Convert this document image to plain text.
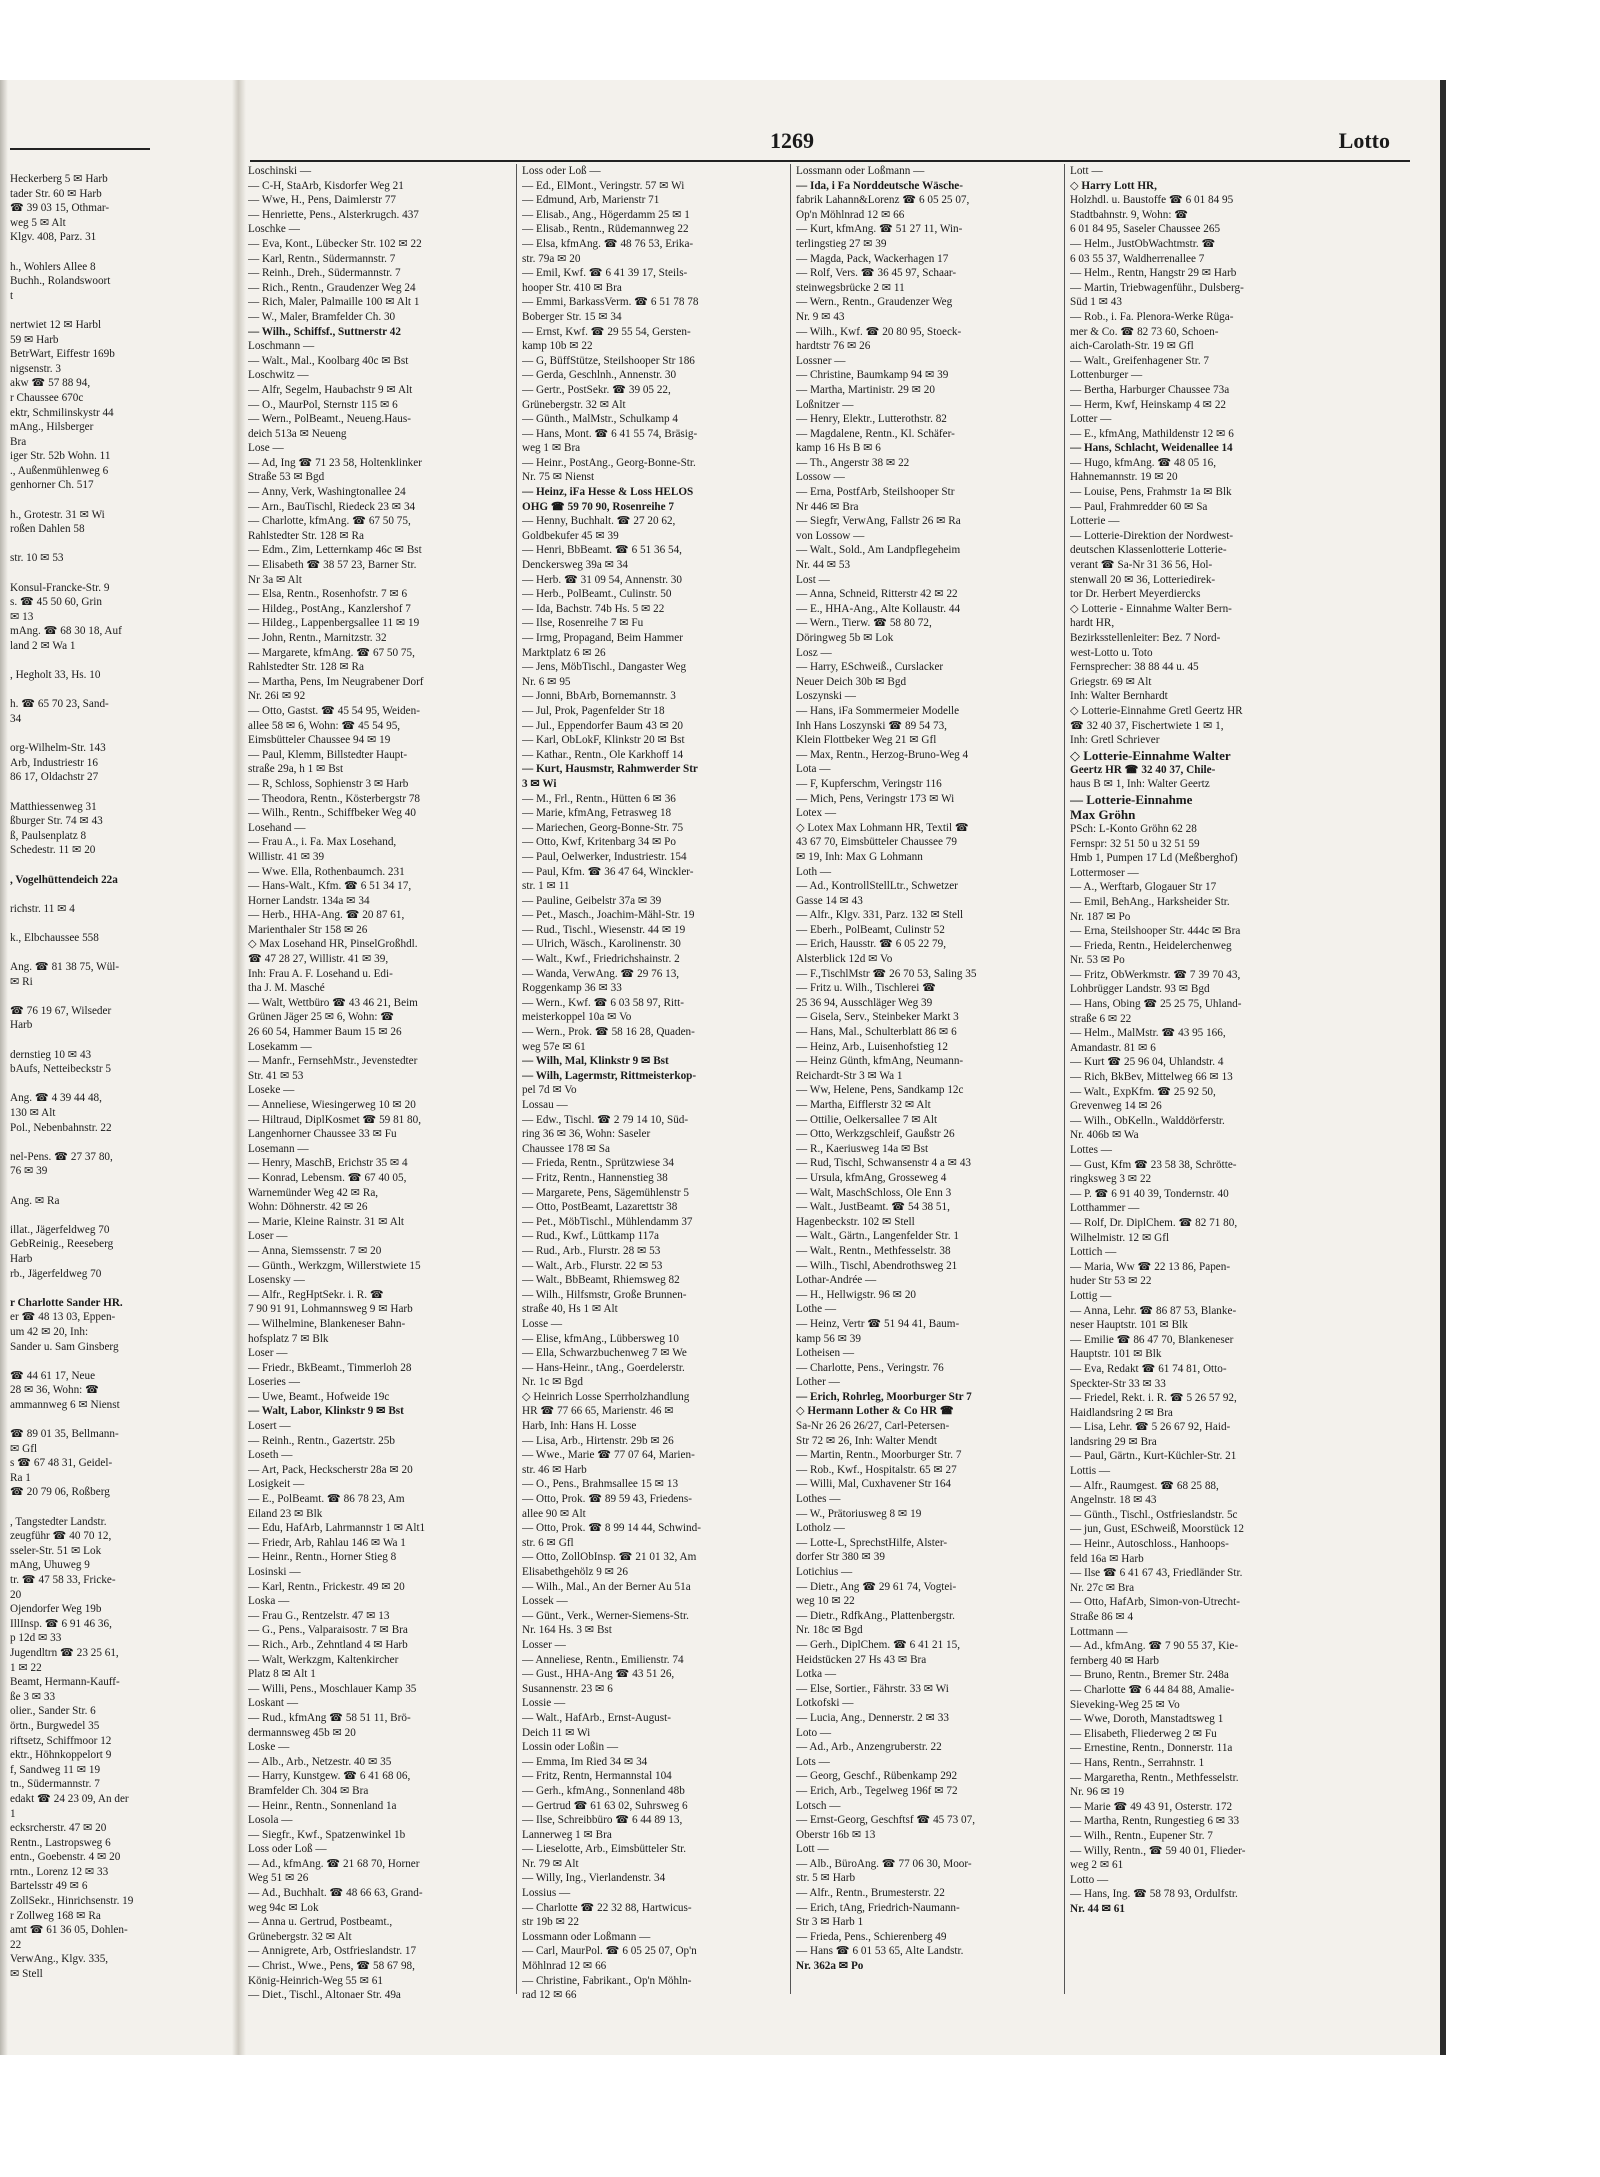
1269	Lotto
Heckerberg 5 ✉ Harb
tader Str. 60 ✉ Harb
☎ 39 03 15, Othmar-
weg 5 ✉ Alt
Klgv. 408, Parz. 31

h., Wohlers Allee 8
Buchh., Rolandswoort
t

nertwiet 12 ✉ Harbl
59 ✉ Harb
BetrWart, Eiffestr 169b
nigsenstr. 3
akw ☎ 57 88 94,
r Chaussee 670c
ektr, Schmilinskystr 44
mAng., Hilsberger
Bra
iger Str. 52b Wohn. 11
., Außenmühlenweg 6
genhorner Ch. 517

h., Grotestr. 31 ✉ Wi
roßen Dahlen 58

str. 10 ✉ 53

Konsul-Francke-Str. 9
s. ☎ 45 50 60, Grin
✉ 13
mAng. ☎ 68 30 18, Auf
land 2 ✉ Wa 1

, Hegholt 33, Hs. 10

h. ☎ 65 70 23, Sand-
34

org-Wilhelm-Str. 143
Arb, Industriestr 16
86 17, Oldachstr 27

Matthiessenweg 31
ßburger Str. 74 ✉ 43
ß, Paulsenplatz 8
Schedestr. 11 ✉ 20

, Vogelhüttendeich 22a

richstr. 11 ✉ 4

k., Elbchaussee 558

Ang. ☎ 81 38 75, Wül-
✉ Ri

☎ 76 19 67, Wilseder
Harb

dernstieg 10 ✉ 43
bAufs, Netteibeckstr 5

Ang. ☎ 4 39 44 48,
130 ✉ Alt
Pol., Nebenbahnstr. 22

nel-Pens. ☎ 27 37 80,
76 ✉ 39

Ang. ✉ Ra

illat., Jägerfeldweg 70
GebReinig., Reeseberg
Harb
rb., Jägerfeldweg 70

r Charlotte Sander HR.
er ☎ 48 13 03, Eppen-
um 42 ✉ 20, Inh:
Sander u. Sam Ginsberg

☎ 44 61 17, Neue
28 ✉ 36, Wohn: ☎
ammannweg 6 ✉ Nienst

☎ 89 01 35, Bellmann-
✉ Gfl
s ☎ 67 48 31, Geidel-
Ra 1
☎ 20 79 06, Roßberg

, Tangstedter Landstr.
zeugführ ☎ 40 70 12,
sseler-Str. 51 ✉ Lok
mAng, Uhuweg 9
tr. ☎ 47 58 33, Fricke-
20
Ojendorfer Weg 19b
IllInsp. ☎ 6 91 46 36,
p 12d ✉ 33
Jugendltrn ☎ 23 25 61,
1 ✉ 22
Beamt, Hermann-Kauff-
ße 3 ✉ 33
olier., Sander Str. 6
örtn., Burgwedel 35
riftsetz, Schiffmoor 12
ektr., Höhnkoppelort 9
f, Sandweg 11 ✉ 19
tn., Südermannstr. 7
edakt ☎ 24 23 09, An der
1
ecksrcherstr. 47 ✉ 20
Rentn., Lastropsweg 6
entn., Goebenstr. 4 ✉ 20
rntn., Lorenz 12 ✉ 33
Bartelsstr 49 ✉ 6
ZollSekr., Hinrichsenstr. 19
r Zollweg 168 ✉ Ra
amt ☎ 61 36 05, Dohlen-
22
VerwAng., Klgv. 335,
✉ Stell
Loschinski —
— C-H, StaArb, Kisdorfer Weg 21
— Wwe, H., Pens, Daimlerstr 77
— Henriette, Pens., Alsterkrugch. 437
Loschke —
— Eva, Kont., Lübecker Str. 102 ✉ 22
— Karl, Rentn., Südermannstr. 7
— Reinh., Dreh., Südermannstr. 7
— Rich., Rentn., Graudenzer Weg 24
— Rich, Maler, Palmaille 100 ✉ Alt 1
— W., Maler, Bramfelder Ch. 30
— Wilh., Schiffsf., Suttnerstr 42
Loschmann —
— Walt., Mal., Koolbarg 40c ✉ Bst
Loschwitz —
— Alfr, Segelm, Haubachstr 9 ✉ Alt
— O., MaurPol, Sternstr 115 ✉ 6
— Wern., PolBeamt., Neueng.Haus-
deich 513a ✉ Neueng
Lose —
— Ad, Ing ☎ 71 23 58, Holtenklinker
Straße 53 ✉ Bgd
— Anny, Verk, Washingtonallee 24
— Arn., BauTischl, Riedeck 23 ✉ 34
— Charlotte, kfmAng. ☎ 67 50 75,
Rahlstedter Str. 128 ✉ Ra
— Edm., Zim, Letternkamp 46c ✉ Bst
— Elisabeth ☎ 38 57 23, Barner Str.
Nr 3a ✉ Alt
— Elsa, Rentn., Rosenhofstr. 7 ✉ 6
— Hildeg., PostAng., Kanzlershof 7
— Hildeg., Lappenbergsallee 11 ✉ 19
— John, Rentn., Marnitzstr. 32
— Margarete, kfmAng. ☎ 67 50 75,
Rahlstedter Str. 128 ✉ Ra
— Martha, Pens, Im Neugrabener Dorf
Nr. 26i ✉ 92
— Otto, Gastst. ☎ 45 54 95, Weiden-
allee 58 ✉ 6, Wohn: ☎ 45 54 95,
Eimsbütteler Chaussee 94 ✉ 19
— Paul, Klemm, Billstedter Haupt-
straße 29a, h 1 ✉ Bst
— R, Schloss, Sophienstr 3 ✉ Harb
— Theodora, Rentn., Kösterbergstr 78
— Wilh., Rentn., Schiffbeker Weg 40
Losehand —
— Frau A., i. Fa. Max Losehand,
Willistr. 41 ✉ 39
— Wwe. Ella, Rothenbaumch. 231
— Hans-Walt., Kfm. ☎ 6 51 34 17,
Horner Landstr. 134a ✉ 34
— Herb., HHA-Ang. ☎ 20 87 61,
Marienthaler Str 158 ✉ 26
◇ Max Losehand HR, PinselGroßhdl.
☎ 47 28 27, Willistr. 41 ✉ 39,
Inh: Frau A. F. Losehand u. Edi-
tha J. M. Masché
— Walt, Wettbüro ☎ 43 46 21, Beim
Grünen Jäger 25 ✉ 6, Wohn: ☎
26 60 54, Hammer Baum 15 ✉ 26
Losekamm —
— Manfr., FernsehMstr., Jevenstedter
Str. 41 ✉ 53
Loseke —
— Anneliese, Wiesingerweg 10 ✉ 20
— Hiltraud, DiplKosmet ☎ 59 81 80,
Langenhorner Chaussee 33 ✉ Fu
Losemann —
— Henry, MaschB, Erichstr 35 ✉ 4
— Konrad, Lebensm. ☎ 67 40 05,
Warnemünder Weg 42 ✉ Ra,
Wohn: Döhnerstr. 42 ✉ 26
— Marie, Kleine Rainstr. 31 ✉ Alt
Loser —
— Anna, Siemssenstr. 7 ✉ 20
— Günth., Werkzgm, Willerstwiete 15
Losensky —
— Alfr., RegHptSekr. i. R. ☎
7 90 91 91, Lohmannsweg 9 ✉ Harb
— Wilhelmine, Blankeneser Bahn-
hofsplatz 7 ✉ Blk
Loser —
— Friedr., BkBeamt., Timmerloh 28
Loseries —
— Uwe, Beamt., Hofweide 19c
— Walt, Labor, Klinkstr 9 ✉ Bst
Losert —
— Reinh., Rentn., Gazertstr. 25b
Loseth —
— Art, Pack, Heckscherstr 28a ✉ 20
Losigkeit —
— E., PolBeamt. ☎ 86 78 23, Am
Eiland 23 ✉ Blk
— Edu, HafArb, Lahrmannstr 1 ✉ Alt1
— Friedr, Arb, Rahlau 146 ✉ Wa 1
— Heinr., Rentn., Horner Stieg 8
Losinski —
— Karl, Rentn., Frickestr. 49 ✉ 20
Loska —
— Frau G., Rentzelstr. 47 ✉ 13
— G., Pens., Valparaisostr. 7 ✉ Bra
— Rich., Arb., Zehntland 4 ✉ Harb
— Walt, Werkzgm, Kaltenkircher
Platz 8 ✉ Alt 1
— Willi, Pens., Moschlauer Kamp 35
Loskant —
— Rud., kfmAng ☎ 58 51 11, Brö-
dermannsweg 45b ✉ 20
Loske —
— Alb., Arb., Netzestr. 40 ✉ 35
— Harry, Kunstgew. ☎ 6 41 68 06,
Bramfelder Ch. 304 ✉ Bra
— Heinr., Rentn., Sonnenland 1a
Losola —
— Siegfr., Kwf., Spatzenwinkel 1b
Loss oder Loß —
— Ad., kfmAng. ☎ 21 68 70, Horner
Weg 51 ✉ 26
— Ad., Buchhalt. ☎ 48 66 63, Grand-
weg 94c ✉ Lok
— Anna u. Gertrud, Postbeamt.,
Grünebergstr. 32 ✉ Alt
— Annigrete, Arb, Ostfrieslandstr. 17
— Christ., Wwe., Pens, ☎ 58 67 98,
König-Heinrich-Weg 55 ✉ 61
— Diet., Tischl., Altonaer Str. 49a
Loss oder Loß —
— Ed., ElMont., Veringstr. 57 ✉ Wi
— Edmund, Arb, Marienstr 71
— Elisab., Ang., Högerdamm 25 ✉ 1
— Elisab., Rentn., Rüdemannweg 22
— Elsa, kfmAng. ☎ 48 76 53, Erika-
str. 79a ✉ 20
— Emil, Kwf. ☎ 6 41 39 17, Steils-
hooper Str. 410 ✉ Bra
— Emmi, BarkassVerm. ☎ 6 51 78 78
Boberger Str. 15 ✉ 34
— Ernst, Kwf. ☎ 29 55 54, Gersten-
kamp 10b ✉ 22
— G, BüffStütze, Steilshooper Str 186
— Gerda, Geschlnh., Annenstr. 30
— Gertr., PostSekr. ☎ 39 05 22,
Grünebergstr. 32 ✉ Alt
— Günth., MalMstr., Schulkamp 4
— Hans, Mont. ☎ 6 41 55 74, Bräsig-
weg 1 ✉ Bra
— Heinr., PostAng., Georg-Bonne-Str.
Nr. 75 ✉ Nienst
— Heinz, iFa Hesse & Loss HELOS
OHG ☎ 59 70 90, Rosenreihe 7
— Henny, Buchhalt. ☎ 27 20 62,
Goldbekufer 45 ✉ 39
— Henri, BbBeamt. ☎ 6 51 36 54,
Denckersweg 39a ✉ 34
— Herb. ☎ 31 09 54, Annenstr. 30
— Herb., PolBeamt., Culinstr. 50
— Ida, Bachstr. 74b Hs. 5 ✉ 22
— Ilse, Rosenreihe 7 ✉ Fu
— Irmg, Propagand, Beim Hammer
Marktplatz 6 ✉ 26
— Jens, MöbTischl., Dangaster Weg
Nr. 6 ✉ 95
— Jonni, BbArb, Bornemannstr. 3
— Jul, Prok, Pagenfelder Str 18
— Jul., Eppendorfer Baum 43 ✉ 20
— Karl, ObLokF, Klinkstr 20 ✉ Bst
— Kathar., Rentn., Ole Karkhoff 14
— Kurt, Hausmstr, Rahmwerder Str
3 ✉ Wi
— M., Frl., Rentn., Hütten 6 ✉ 36
— Marie, kfmAng, Fetrasweg 18
— Mariechen, Georg-Bonne-Str. 75
— Otto, Kwf, Kritenbarg 34 ✉ Po
— Paul, Oelwerker, Industriestr. 154
— Paul, Kfm. ☎ 36 47 64, Winckler-
str. 1 ✉ 11
— Pauline, Geibelstr 37a ✉ 39
— Pet., Masch., Joachim-Mähl-Str. 19
— Rud., Tischl., Wiesenstr. 44 ✉ 19
— Ulrich, Wäsch., Karolinenstr. 30
— Walt., Kwf., Friedrichshainstr. 2
— Wanda, VerwAng. ☎ 29 76 13,
Roggenkamp 36 ✉ 33
— Wern., Kwf. ☎ 6 03 58 97, Ritt-
meisterkoppel 10a ✉ Vo
— Wern., Prok. ☎ 58 16 28, Quaden-
weg 57e ✉ 61
— Wilh, Mal, Klinkstr 9 ✉ Bst
— Wilh, Lagermstr, Rittmeisterkop-
pel 7d ✉ Vo
Lossau —
— Edw., Tischl. ☎ 2 79 14 10, Süd-
ring 36 ✉ 36, Wohn: Saseler
Chaussee 178 ✉ Sa
— Frieda, Rentn., Sprützwiese 34
— Fritz, Rentn., Hannenstieg 38
— Margarete, Pens, Sägemühlenstr 5
— Otto, PostBeamt, Lazarettstr 38
— Pet., MöbTischl., Mühlendamm 37
— Rud., Kwf., Lüttkamp 117a
— Rud., Arb., Flurstr. 28 ✉ 53
— Walt., Arb., Flurstr. 22 ✉ 53
— Walt., BbBeamt, Rhiemsweg 82
— Wilh., Hilfsmstr, Große Brunnen-
straße 40, Hs 1 ✉ Alt
Losse —
— Elise, kfmAng., Lübbersweg 10
— Ella, Schwarzbuchenweg 7 ✉ We
— Hans-Heinr., tAng., Goerdelerstr.
Nr. 1c ✉ Bgd
◇ Heinrich Losse Sperrholzhandlung
HR ☎ 77 66 65, Marienstr. 46 ✉
Harb, Inh: Hans H. Losse
— Lisa, Arb., Hirtenstr. 29b ✉ 26
— Wwe., Marie ☎ 77 07 64, Marien-
str. 46 ✉ Harb
— O., Pens., Brahmsallee 15 ✉ 13
— Otto, Prok. ☎ 89 59 43, Friedens-
allee 90 ✉ Alt
— Otto, Prok. ☎ 8 99 14 44, Schwind-
str. 6 ✉ Gfl
— Otto, ZollObInsp. ☎ 21 01 32, Am
Elisabethgehölz 9 ✉ 26
— Wilh., Mal., An der Berner Au 51a
Lossek —
— Günt., Verk., Werner-Siemens-Str.
Nr. 164 Hs. 3 ✉ Bst
Losser —
— Anneliese, Rentn., Emilienstr. 74
— Gust., HHA-Ang ☎ 43 51 26,
Susannenstr. 23 ✉ 6
Lossie —
— Walt., HafArb., Ernst-August-
Deich 11 ✉ Wi
Lossin oder Loßin —
— Emma, Im Ried 34 ✉ 34
— Fritz, Rentn, Hermannstal 104
— Gerh., kfmAng., Sonnenland 48b
— Gertrud ☎ 61 63 02, Suhrsweg 6
— Ilse, Schreibbüro ☎ 6 44 89 13,
Lannerweg 1 ✉ Bra
— Lieselotte, Arb., Eimsbütteler Str.
Nr. 79 ✉ Alt
— Willy, Ing., Vierlandenstr. 34
Lossius —
— Charlotte ☎ 22 32 88, Hartwicus-
str 19b ✉ 22
Lossmann oder Loßmann —
— Carl, MaurPol. ☎ 6 05 25 07, Op'n
Möhlnrad 12 ✉ 66
— Christine, Fabrikant., Op'n Möhln-
rad 12 ✉ 66
Lossmann oder Loßmann —
— Ida, i Fa Norddeutsche Wäsche-
fabrik Lahann&Lorenz ☎ 6 05 25 07,
Op'n Möhlnrad 12 ✉ 66
— Kurt, kfmAng. ☎ 51 27 11, Win-
terlingstieg 27 ✉ 39
— Magda, Pack, Wackerhagen 17
— Rolf, Vers. ☎ 36 45 97, Schaar-
steinwegsbrücke 2 ✉ 11
— Wern., Rentn., Graudenzer Weg
Nr. 9 ✉ 43
— Wilh., Kwf. ☎ 20 80 95, Stoeck-
hardtstr 76 ✉ 26
Lossner —
— Christine, Baumkamp 94 ✉ 39
— Martha, Martinistr. 29 ✉ 20
Loßnitzer —
— Henry, Elektr., Lutterothstr. 82
— Magdalene, Rentn., Kl. Schäfer-
kamp 16 Hs B ✉ 6
— Th., Angerstr 38 ✉ 22
Lossow —
— Erna, PostfArb, Steilshooper Str
Nr 446 ✉ Bra
— Siegfr, VerwAng, Fallstr 26 ✉ Ra
von Lossow —
— Walt., Sold., Am Landpflegeheim
Nr. 44 ✉ 53
Lost —
— Anna, Schneid, Ritterstr 42 ✉ 22
— E., HHA-Ang., Alte Kollaustr. 44
— Wern., Tierw. ☎ 58 80 72,
Döringweg 5b ✉ Lok
Losz —
— Harry, ESchweiß., Curslacker
Neuer Deich 30b ✉ Bgd
Loszynski —
— Hans, iFa Sommermeier Modelle
Inh Hans Loszynski ☎ 89 54 73,
Klein Flottbeker Weg 21 ✉ Gfl
— Max, Rentn., Herzog-Bruno-Weg 4
Lota —
— F, Kupferschm, Veringstr 116
— Mich, Pens, Veringstr 173 ✉ Wi
Lotex —
◇ Lotex Max Lohmann HR, Textil ☎
43 67 70, Eimsbütteler Chaussee 79
✉ 19, Inh: Max G Lohmann
Loth —
— Ad., KontrollStellLtr., Schwetzer
Gasse 14 ✉ 43
— Alfr., Klgv. 331, Parz. 132 ✉ Stell
— Eberh., PolBeamt, Culinstr 52
— Erich, Hausstr. ☎ 6 05 22 79,
Alsterblick 12d ✉ Vo
— F.,TischlMstr ☎ 26 70 53, Saling 35
— Fritz u. Wilh., Tischlerei ☎
25 36 94, Ausschläger Weg 39
— Gisela, Serv., Steinbeker Markt 3
— Hans, Mal., Schulterblatt 86 ✉ 6
— Heinz, Arb., Luisenhofstieg 12
— Heinz Günth, kfmAng, Neumann-
Reichardt-Str 3 ✉ Wa 1
— Ww, Helene, Pens, Sandkamp 12c
— Martha, Eifflerstr 32 ✉ Alt
— Ottilie, Oelkersallee 7 ✉ Alt
— Otto, Werkzgschleif, Gaußstr 26
— R., Kaeriusweg 14a ✉ Bst
— Rud, Tischl, Schwansenstr 4 a ✉ 43
— Ursula, kfmAng, Grosseweg 4
— Walt, MaschSchloss, Ole Enn 3
— Walt., JustBeamt. ☎ 54 38 51,
Hagenbeckstr. 102 ✉ Stell
— Walt., Gärtn., Langenfelder Str. 1
— Walt., Rentn., Methfesselstr. 38
— Wilh., Tischl, Abendrothsweg 21
Lothar-Andrée —
— H., Hellwigstr. 96 ✉ 20
Lothe —
— Heinz, Vertr ☎ 51 94 41, Baum-
kamp 56 ✉ 39
Lotheisen —
— Charlotte, Pens., Veringstr. 76
Lother —
— Erich, Rohrleg, Moorburger Str 7
◇ Hermann Lother & Co HR ☎
Sa-Nr 26 26 26/27, Carl-Petersen-
Str 72 ✉ 26, Inh: Walter Mendt
— Martin, Rentn., Moorburger Str. 7
— Rob., Kwf., Hospitalstr. 65 ✉ 27
— Willi, Mal, Cuxhavener Str 164
Lothes —
— W., Prätoriusweg 8 ✉ 19
Lotholz —
— Lotte-L, SprechstHilfe, Alster-
dorfer Str 380 ✉ 39
Lotichius —
— Dietr., Ang ☎ 29 61 74, Vogtei-
weg 10 ✉ 22
— Dietr., RdfkAng., Plattenbergstr.
Nr. 18c ✉ Bgd
— Gerh., DiplChem. ☎ 6 41 21 15,
Heidstücken 27 Hs 43 ✉ Bra
Lotka —
— Else, Sortier., Fährstr. 33 ✉ Wi
Lotkofski —
— Lucia, Ang., Dennerstr. 2 ✉ 33
Loto —
— Ad., Arb., Anzengruberstr. 22
Lots —
— Georg, Geschf., Rübenkamp 292
— Erich, Arb., Tegelweg 196f ✉ 72
Lotsch —
— Ernst-Georg, Geschftsf ☎ 45 73 07,
Oberstr 16b ✉ 13
Lott —
— Alb., BüroAng. ☎ 77 06 30, Moor-
str. 5 ✉ Harb
— Alfr., Rentn., Brumesterstr. 22
— Erich, tAng, Friedrich-Naumann-
Str 3 ✉ Harb 1
— Frieda, Pens., Schierenberg 49
— Hans ☎ 6 01 53 65, Alte Landstr.
Nr. 362a ✉ Po
Lott —
◇ Harry Lott HR,
Holzhdl. u. Baustoffe ☎ 6 01 84 95
Stadtbahnstr. 9, Wohn: ☎
6 01 84 95, Saseler Chaussee 265
— Helm., JustObWachtmstr. ☎
6 03 55 37, Waldherrenallee 7
— Helm., Rentn, Hangstr 29 ✉ Harb
— Martin, Triebwagenführ., Dulsberg-
Süd 1 ✉ 43
— Rob., i. Fa. Plenora-Werke Rüga-
mer & Co. ☎ 82 73 60, Schoen-
aich-Carolath-Str. 19 ✉ Gfl
— Walt., Greifenhagener Str. 7
Lottenburger —
— Bertha, Harburger Chaussee 73a
— Herm, Kwf, Heinskamp 4 ✉ 22
Lotter —
— E., kfmAng, Mathildenstr 12 ✉ 6
— Hans, Schlacht, Weidenallee 14
— Hugo, kfmAng. ☎ 48 05 16,
Hahnemannstr. 19 ✉ 20
— Louise, Pens, Frahmstr 1a ✉ Blk
— Paul, Frahmredder 60 ✉ Sa
Lotterie —
— Lotterie-Direktion der Nordwest-
deutschen Klassenlotterie Lotterie-
verant ☎ Sa-Nr 31 36 56, Hol-
stenwall 20 ✉ 36, Lotteriedirek-
tor Dr. Herbert Meyerdiercks
◇ Lotterie - Einnahme Walter Bern-
hardt HR,
Bezirksstellenleiter: Bez. 7 Nord-
west-Lotto u. Toto
Fernsprecher: 38 88 44 u. 45
Griegstr. 69 ✉ Alt
Inh: Walter Bernhardt
◇ Lotterie-Einnahme Gretl Geertz HR
☎ 32 40 37, Fischertwiete 1 ✉ 1,
Inh: Gretl Schriever
◇ Lotterie-Einnahme Walter
Geertz HR ☎ 32 40 37, Chile-
haus B ✉ 1, Inh: Walter Geertz
— Lotterie-Einnahme
Max Gröhn
PSch: L-Konto Gröhn 62 28
Fernspr: 32 51 50 u 32 51 59
Hmb 1, Pumpen 17 Ld (Meßberghof)
Lottermoser —
— A., Werftarb, Glogauer Str 17
— Emil, BehAng., Harksheider Str.
Nr. 187 ✉ Po
— Erna, Steilshooper Str. 444c ✉ Bra
— Frieda, Rentn., Heidelerchenweg
Nr. 53 ✉ Po
— Fritz, ObWerkmstr. ☎ 7 39 70 43,
Lohbrügger Landstr. 93 ✉ Bgd
— Hans, Obing ☎ 25 25 75, Uhland-
straße 6 ✉ 22
— Helm., MalMstr. ☎ 43 95 166,
Amandastr. 81 ✉ 6
— Kurt ☎ 25 96 04, Uhlandstr. 4
— Rich, BkBev, Mittelweg 66 ✉ 13
— Walt., ExpKfm. ☎ 25 92 50,
Grevenweg 14 ✉ 26
— Wilh., ObKelln., Walddörferstr.
Nr. 406b ✉ Wa
Lottes —
— Gust, Kfm ☎ 23 58 38, Schrötte-
ringksweg 3 ✉ 22
— P. ☎ 6 91 40 39, Tondernstr. 40
Lotthammer —
— Rolf, Dr. DiplChem. ☎ 82 71 80,
Wilhelmistr. 12 ✉ Gfl
Lottich —
— Maria, Ww ☎ 22 13 86, Papen-
huder Str 53 ✉ 22
Lottig —
— Anna, Lehr. ☎ 86 87 53, Blanke-
neser Hauptstr. 101 ✉ Blk
— Emilie ☎ 86 47 70, Blankeneser
Hauptstr. 101 ✉ Blk
— Eva, Redakt ☎ 61 74 81, Otto-
Speckter-Str 33 ✉ 33
— Friedel, Rekt. i. R. ☎ 5 26 57 92,
Haidlandsring 2 ✉ Bra
— Lisa, Lehr. ☎ 5 26 67 92, Haid-
landsring 29 ✉ Bra
— Paul, Gärtn., Kurt-Küchler-Str. 21
Lottis —
— Alfr., Raumgest. ☎ 68 25 88,
Angelnstr. 18 ✉ 43
— Günth., Tischl., Ostfrieslandstr. 5c
— jun, Gust, ESchweiß, Moorstück 12
— Heinr., Autoschloss., Hanhoops-
feld 16a ✉ Harb
— Ilse ☎ 6 41 67 43, Friedländer Str.
Nr. 27c ✉ Bra
— Otto, HafArb, Simon-von-Utrecht-
Straße 86 ✉ 4
Lottmann —
— Ad., kfmAng. ☎ 7 90 55 37, Kie-
fernberg 40 ✉ Harb
— Bruno, Rentn., Bremer Str. 248a
— Charlotte ☎ 6 44 84 88, Amalie-
Sieveking-Weg 25 ✉ Vo
— Wwe, Doroth, Manstadtsweg 1
— Elisabeth, Fliederweg 2 ✉ Fu
— Ernestine, Rentn., Donnerstr. 11a
— Hans, Rentn., Serrahnstr. 1
— Margaretha, Rentn., Methfesselstr.
Nr. 96 ✉ 19
— Marie ☎ 49 43 91, Osterstr. 172
— Martha, Rentn, Rungestieg 6 ✉ 33
— Wilh., Rentn., Eupener Str. 7
— Willy, Rentn., ☎ 59 40 01, Flieder-
weg 2 ✉ 61
Lotto —
— Hans, Ing. ☎ 58 78 93, Ordulfstr.
Nr. 44 ✉ 61
